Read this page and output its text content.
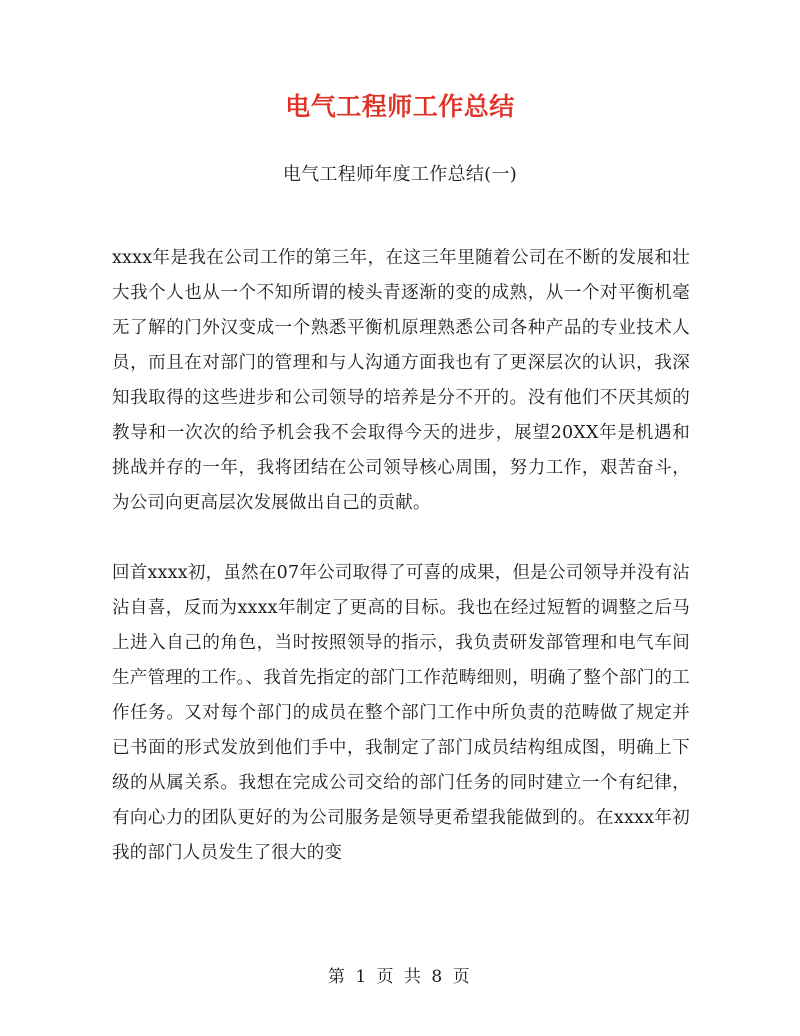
电气工程师工作总结
电气工程师年度工作总结(一)

xxxx年是我在公司工作的第三年，在这三年里随着公司在不断的发展和壮大我个人也从一个不知所谓的棱头青逐渐的变的成熟，从一个对平衡机毫无了解的门外汉变成一个熟悉平衡机原理熟悉公司各种产品的专业技术人员，而且在对部门的管理和与人沟通方面我也有了更深层次的认识，我深知我取得的这些进步和公司领导的培养是分不开的。没有他们不厌其烦的教导和一次次的给予机会我不会取得今天的进步，展望20XX年是机遇和挑战并存的一年，我将团结在公司领导核心周围，努力工作，艰苦奋斗，为公司向更高层次发展做出自己的贡献。

回首xxxx初，虽然在07年公司取得了可喜的成果，但是公司领导并没有沾沾自喜，反而为xxxx年制定了更高的目标。我也在经过短暂的调整之后马上进入自己的角色，当时按照领导的指示，我负责研发部管理和电气车间生产管理的工作。、我首先指定的部门工作范畴细则，明确了整个部门的工作任务。又对每个部门的成员在整个部门工作中所负责的范畴做了规定并已书面的形式发放到他们手中，我制定了部门成员结构组成图，明确上下级的从属关系。我想在完成公司交给的部门任务的同时建立一个有纪律，有向心力的团队更好的为公司服务是领导更希望我能做到的。在xxxx年初我的部门人员发生了很大的变

第 1 页 共 8 页
